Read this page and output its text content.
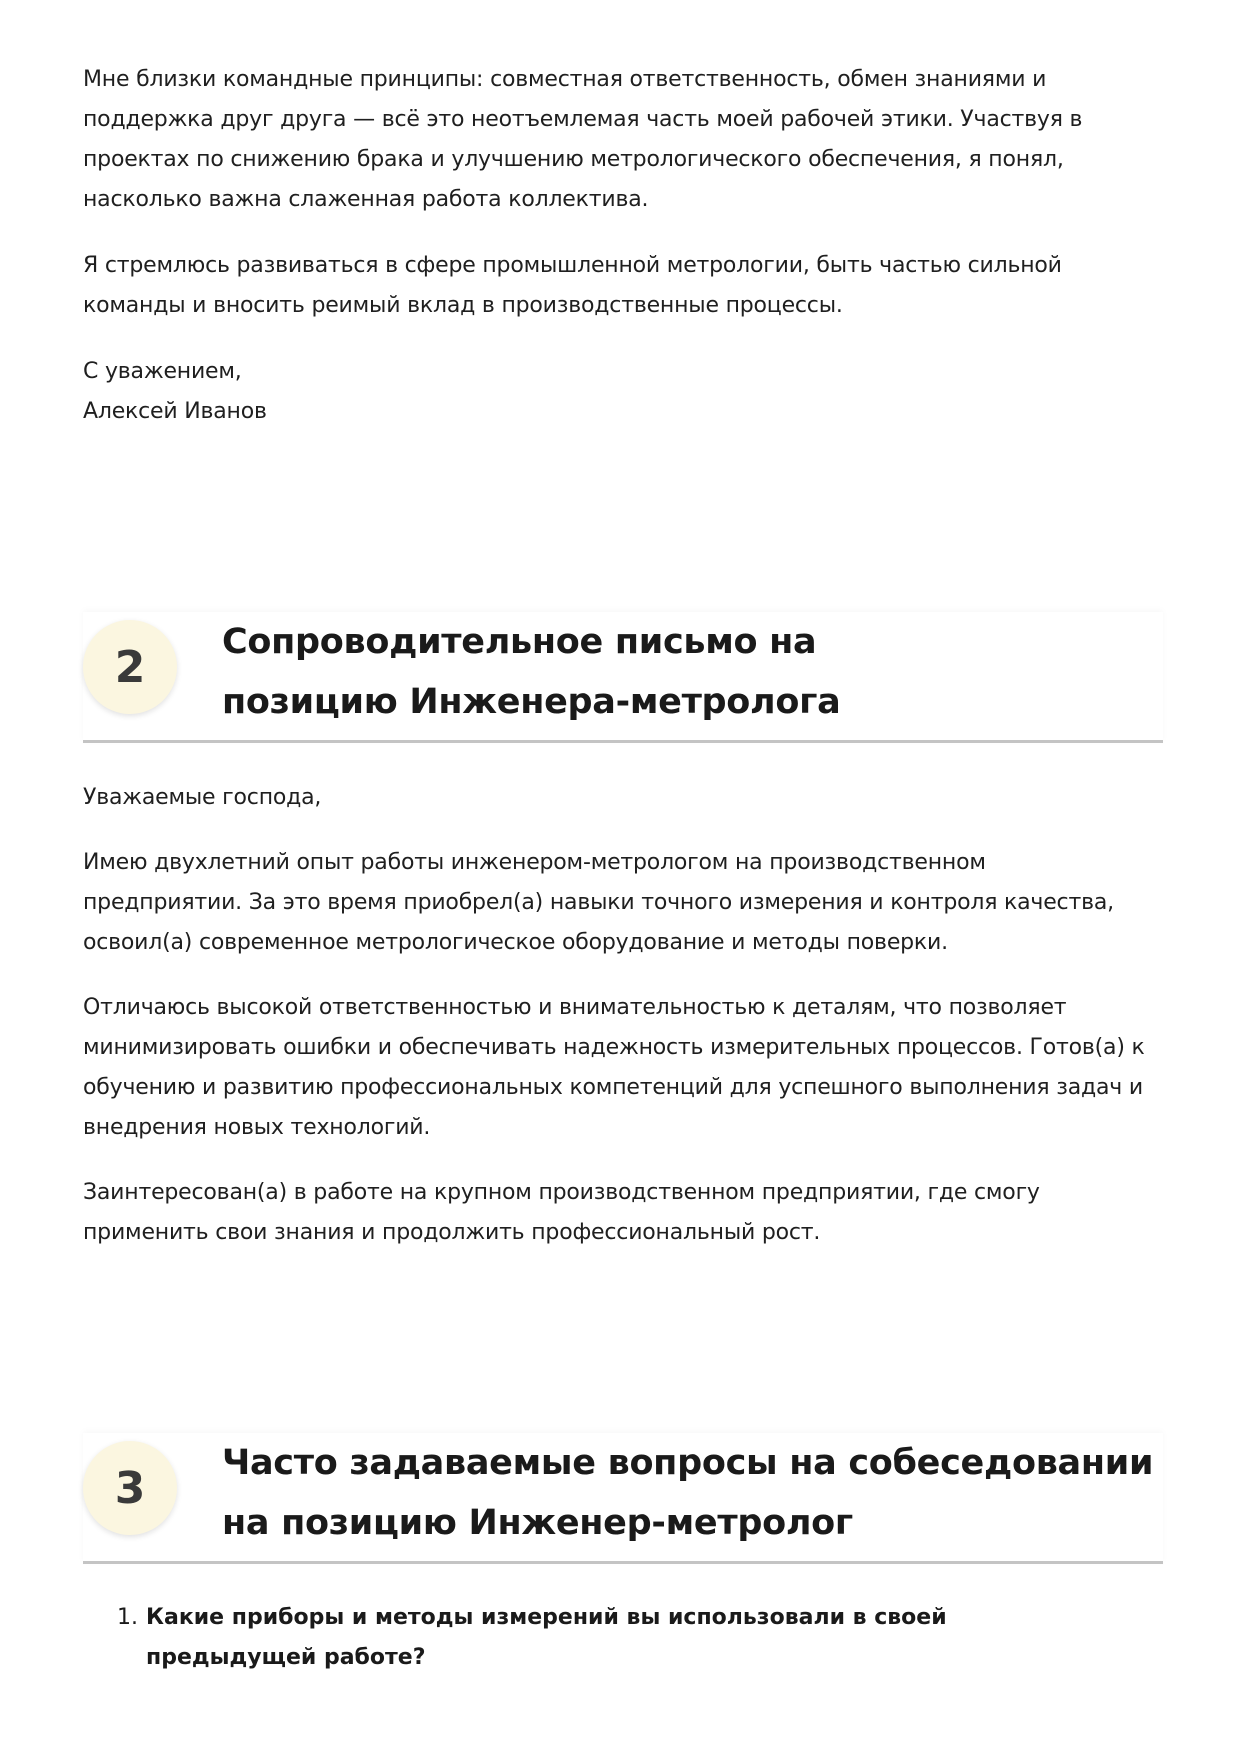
Мне близки командные принципы: совместная ответственность, обмен знаниями и поддержка друг друга — всё это неотъемлемая часть моей рабочей этики. Участвуя в проектах по снижению брака и улучшению метрологического обеспечения, я понял, насколько важна слаженная работа коллектива.

Я стремлюсь развиваться в сфере промышленной метрологии, быть частью сильной команды и вносить реимый вклад в производственные процессы.

С уважением,

Алексей Иванов

2	Сопроводительное письмо на позицию Инженера-метролога

Уважаемые господа,

Имею двухлетний опыт работы инженером-метрологом на производственном предприятии. За это время приобрел(а) навыки точного измерения и контроля качества, освоил(а) современное метрологическое оборудование и методы поверки.

Отличаюсь высокой ответственностью и внимательностью к деталям, что позволяет минимизировать ошибки и обеспечивать надежность измерительных процессов. Готов(а) к обучению и развитию профессиональных компетенций для успешного выполнения задач и внедрения новых технологий.

Заинтересован(а) в работе на крупном производственном предприятии, где смогу применить свои знания и продолжить профессиональный рост.

3	Часто задаваемые вопросы на собеседовании на позицию Инженер-метролог
1. Какие приборы и методы измерений вы использовали в своей предыдущей работе?
